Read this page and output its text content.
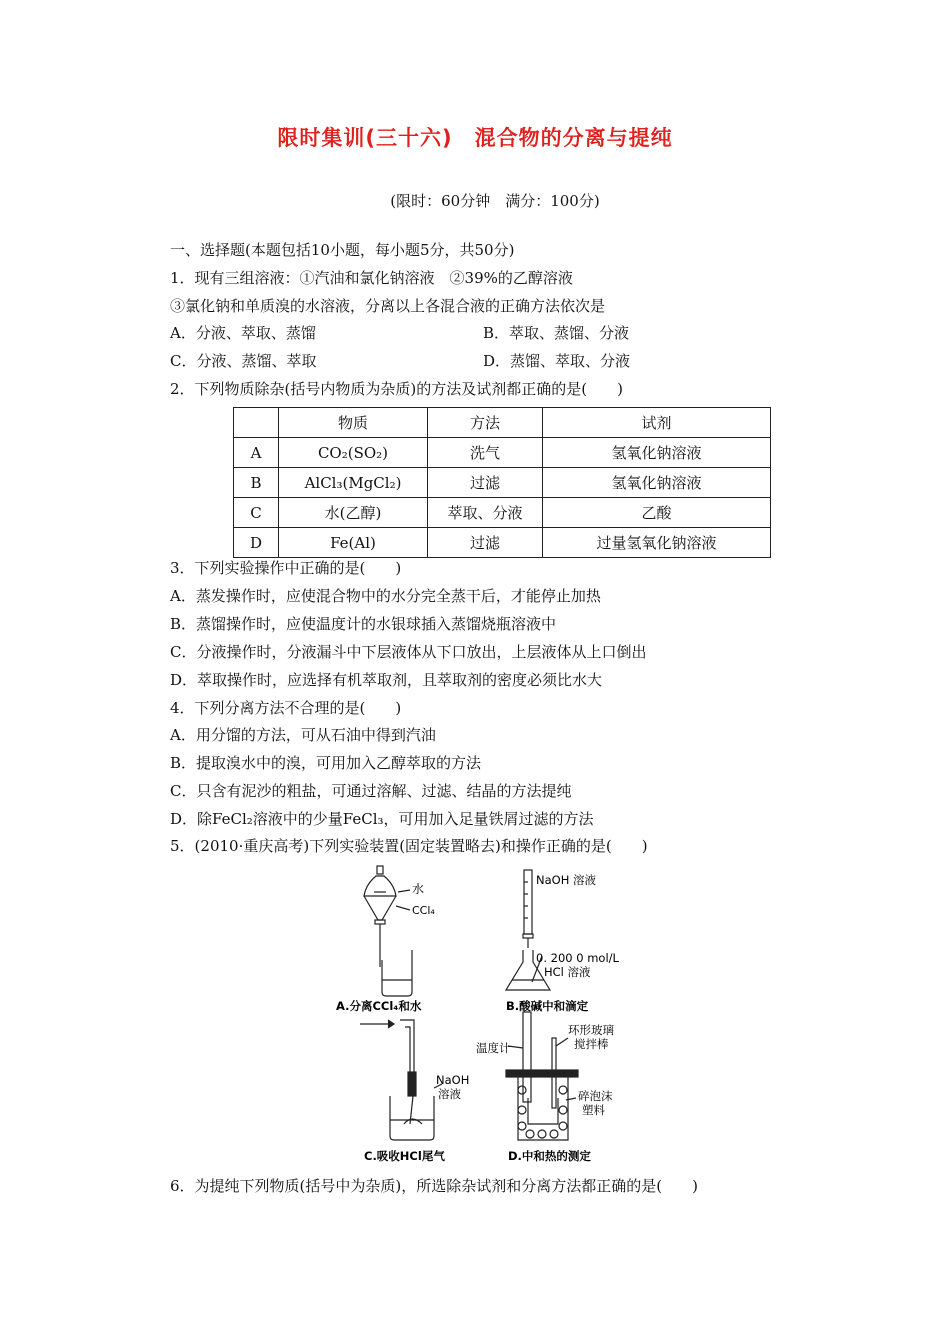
限时集训(三十六)　混合物的分离与提纯
(限时：60分钟　满分：100分)
一、选择题(本题包括10小题，每小题5分，共50分)
1．现有三组溶液：①汽油和氯化钠溶液　②39%的乙醇溶液
③氯化钠和单质溴的水溶液，分离以上各混合液的正确方法依次是
A．分液、萃取、蒸馏	B．萃取、蒸馏、分液
C．分液、蒸馏、萃取	D．蒸馏、萃取、分液
2．下列物质除杂(括号内物质为杂质)的方法及试剂都正确的是(　　)
	物质	方法	试剂
A	CO₂(SO₂)	洗气	氢氧化钠溶液
B	AlCl₃(MgCl₂)	过滤	氢氧化钠溶液
C	水(乙醇)	萃取、分液	乙酸
D	Fe(Al)	过滤	过量氢氧化钠溶液
3．下列实验操作中正确的是(　　)
A．蒸发操作时，应使混合物中的水分完全蒸干后，才能停止加热
B．蒸馏操作时，应使温度计的水银球插入蒸馏烧瓶溶液中
C．分液操作时，分液漏斗中下层液体从下口放出，上层液体从上口倒出
D．萃取操作时，应选择有机萃取剂，且萃取剂的密度必须比水大
4．下列分离方法不合理的是(　　)
A．用分馏的方法，可从石油中得到汽油
B．提取溴水中的溴，可用加入乙醇萃取的方法
C．只含有泥沙的粗盐，可通过溶解、过滤、结晶的方法提纯
D．除FeCl₂溶液中的少量FeCl₃，可用加入足量铁屑过滤的方法
5．(2010·重庆高考)下列实验装置(固定装置略去)和操作正确的是(　　)
水
CCl₄
A.分离CCl₄和水
NaOH 溶液
0. 200 0 mol/L
HCl 溶液
B.酸碱中和滴定
NaOH
溶液
C.吸收HCl尾气
温度计
环形玻璃
搅拌棒
碎泡沫
塑料
D.中和热的测定
6．为提纯下列物质(括号中为杂质)，所选除杂试剂和分离方法都正确的是(　　)
